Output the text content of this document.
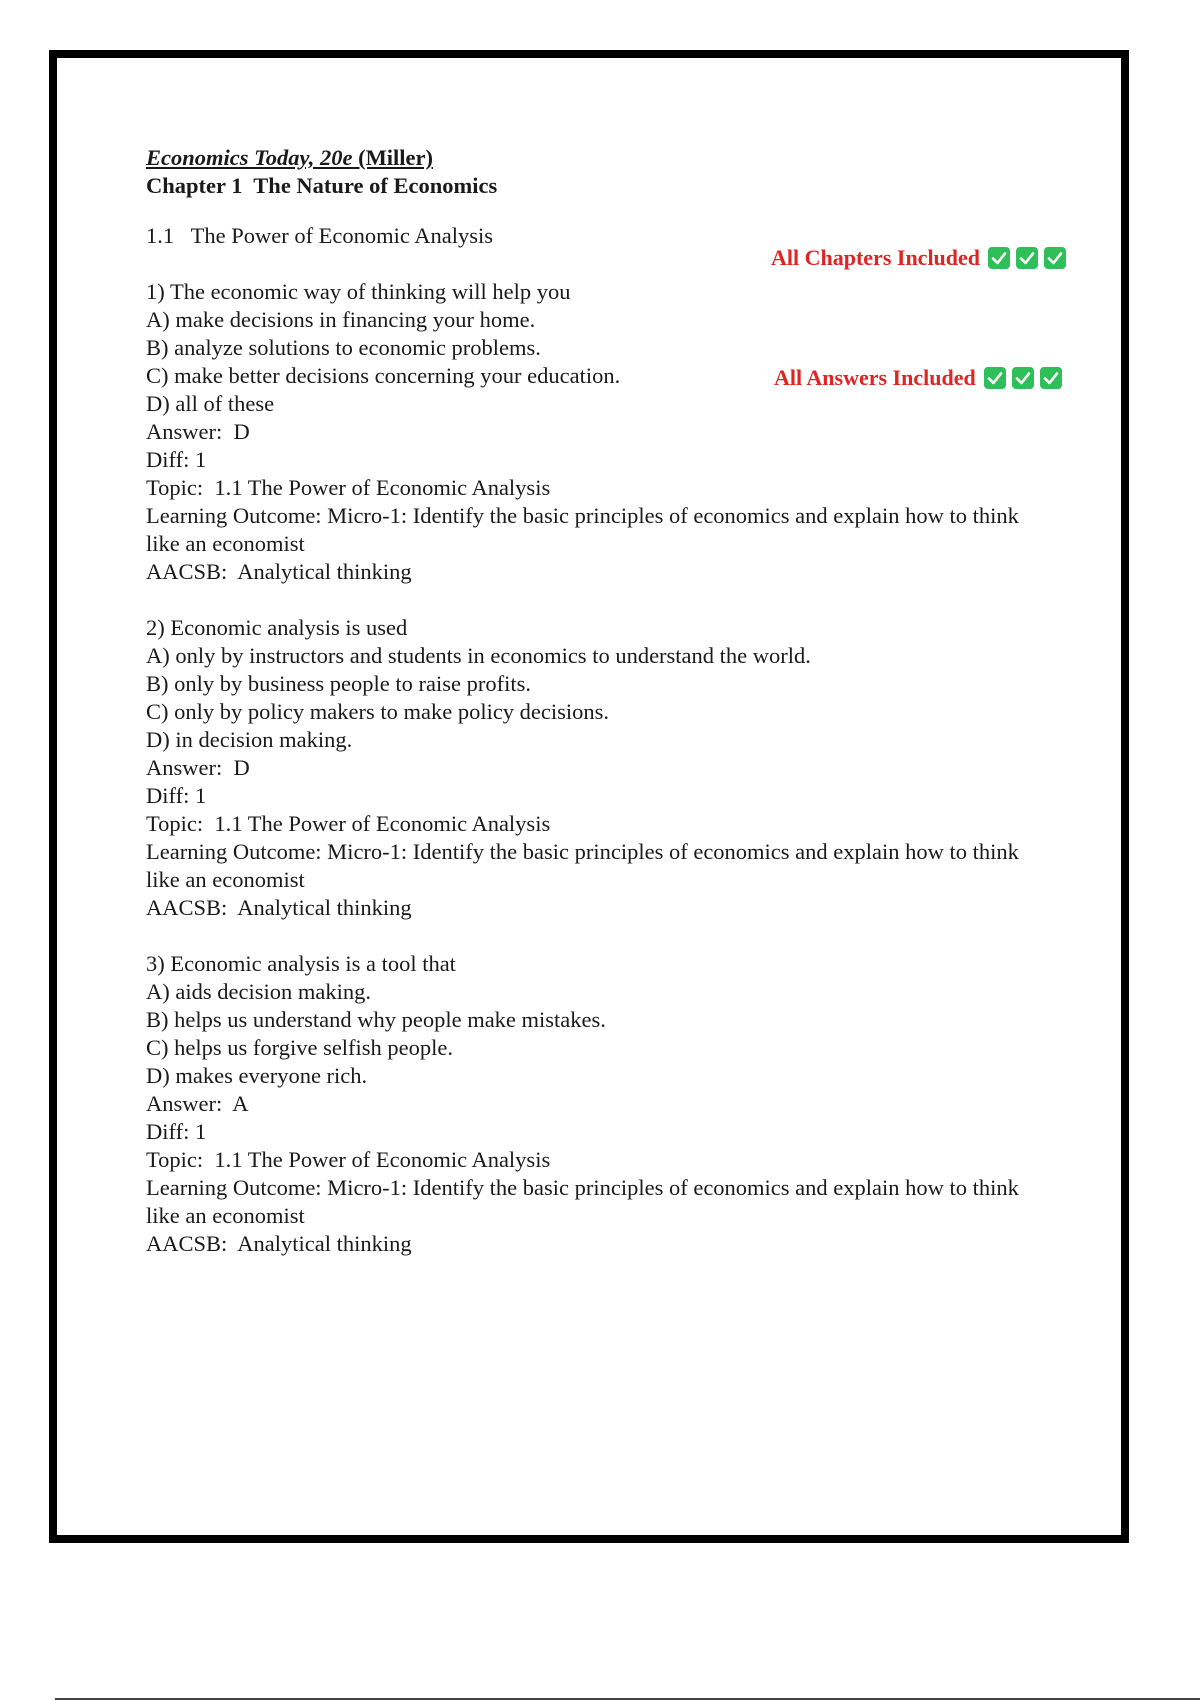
Economics Today, 20e (Miller)
Chapter 1  The Nature of Economics
1.1   The Power of Economic Analysis
1) The economic way of thinking will help you
A) make decisions in financing your home.
B) analyze solutions to economic problems.
C) make better decisions concerning your education.
D) all of these
Answer:  D
Diff: 1
Topic:  1.1 The Power of Economic Analysis
Learning Outcome: Micro-1: Identify the basic principles of economics and explain how to think like an economist
AACSB:  Analytical thinking
2) Economic analysis is used
A) only by instructors and students in economics to understand the world.
B) only by business people to raise profits.
C) only by policy makers to make policy decisions.
D) in decision making.
Answer:  D
Diff: 1
Topic:  1.1 The Power of Economic Analysis
Learning Outcome: Micro-1: Identify the basic principles of economics and explain how to think like an economist
AACSB:  Analytical thinking
3) Economic analysis is a tool that
A) aids decision making.
B) helps us understand why people make mistakes.
C) helps us forgive selfish people.
D) makes everyone rich.
Answer:  A
Diff: 1
Topic:  1.1 The Power of Economic Analysis
Learning Outcome: Micro-1: Identify the basic principles of economics and explain how to think like an economist
AACSB:  Analytical thinking
All Chapters Included
All Answers Included
